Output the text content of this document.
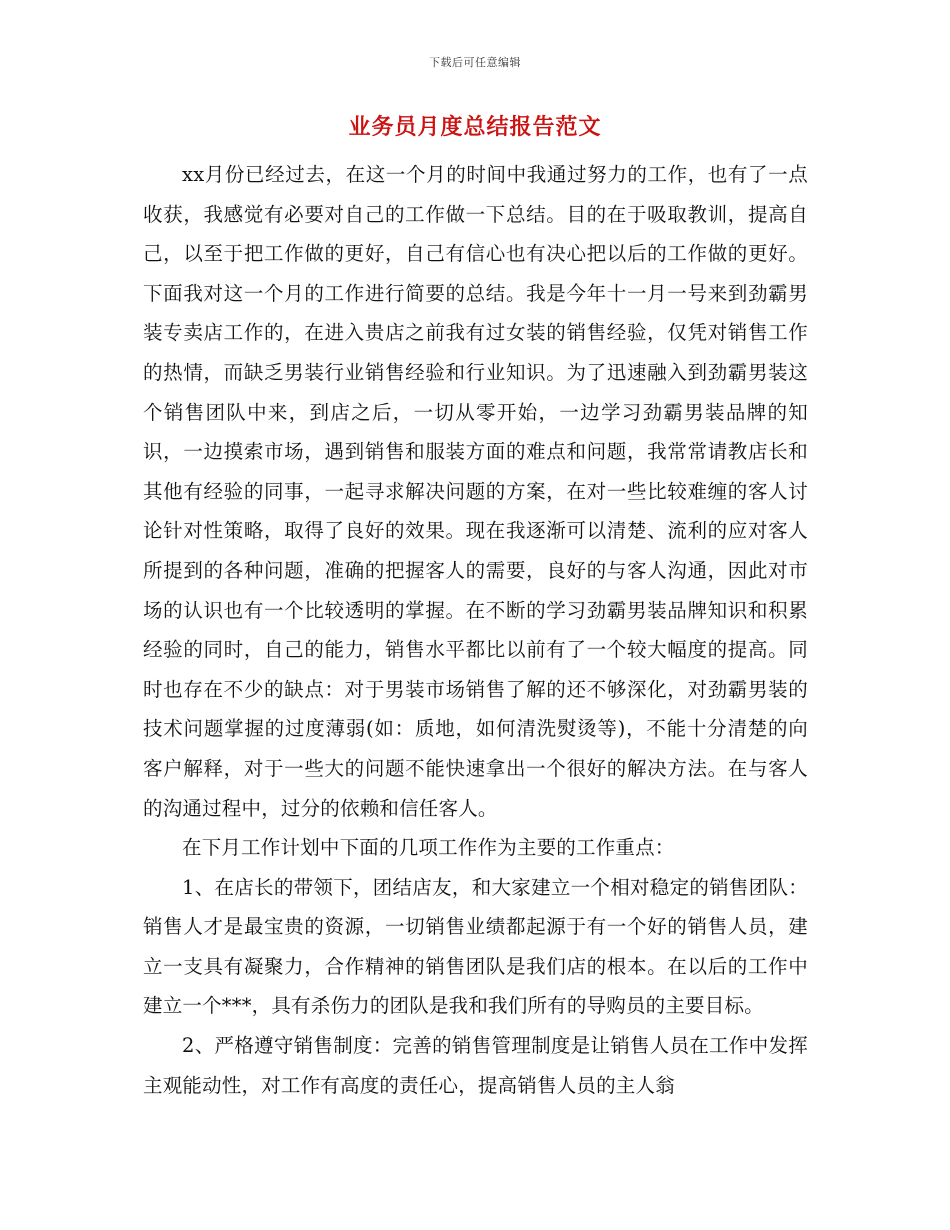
下载后可任意编辑
业务员月度总结报告范文

xx月份已经过去，在这一个月的时间中我通过努力的工作，也有了一点收获，我感觉有必要对自己的工作做一下总结。目的在于吸取教训，提高自己，以至于把工作做的更好，自己有信心也有决心把以后的工作做的更好。下面我对这一个月的工作进行简要的总结。我是今年十一月一号来到劲霸男装专卖店工作的，在进入贵店之前我有过女装的销售经验，仅凭对销售工作的热情，而缺乏男装行业销售经验和行业知识。为了迅速融入到劲霸男装这个销售团队中来，到店之后，一切从零开始，一边学习劲霸男装品牌的知识，一边摸索市场，遇到销售和服装方面的难点和问题，我常常请教店长和其他有经验的同事，一起寻求解决问题的方案，在对一些比较难缠的客人讨论针对性策略，取得了良好的效果。现在我逐渐可以清楚、流利的应对客人所提到的各种问题，准确的把握客人的需要，良好的与客人沟通，因此对市场的认识也有一个比较透明的掌握。在不断的学习劲霸男装品牌知识和积累经验的同时，自己的能力，销售水平都比以前有了一个较大幅度的提高。同时也存在不少的缺点：对于男装市场销售了解的还不够深化，对劲霸男装的技术问题掌握的过度薄弱(如：质地，如何清洗熨烫等)，不能十分清楚的向客户解释，对于一些大的问题不能快速拿出一个很好的解决方法。在与客人的沟通过程中，过分的依赖和信任客人。

在下月工作计划中下面的几项工作作为主要的工作重点：

1、在店长的带领下，团结店友，和大家建立一个相对稳定的销售团队：销售人才是最宝贵的资源，一切销售业绩都起源于有一个好的销售人员，建立一支具有凝聚力，合作精神的销售团队是我们店的根本。在以后的工作中建立一个***，具有杀伤力的团队是我和我们所有的导购员的主要目标。

2、严格遵守销售制度：完善的销售管理制度是让销售人员在工作中发挥主观能动性，对工作有高度的责任心，提高销售人员的主人翁
